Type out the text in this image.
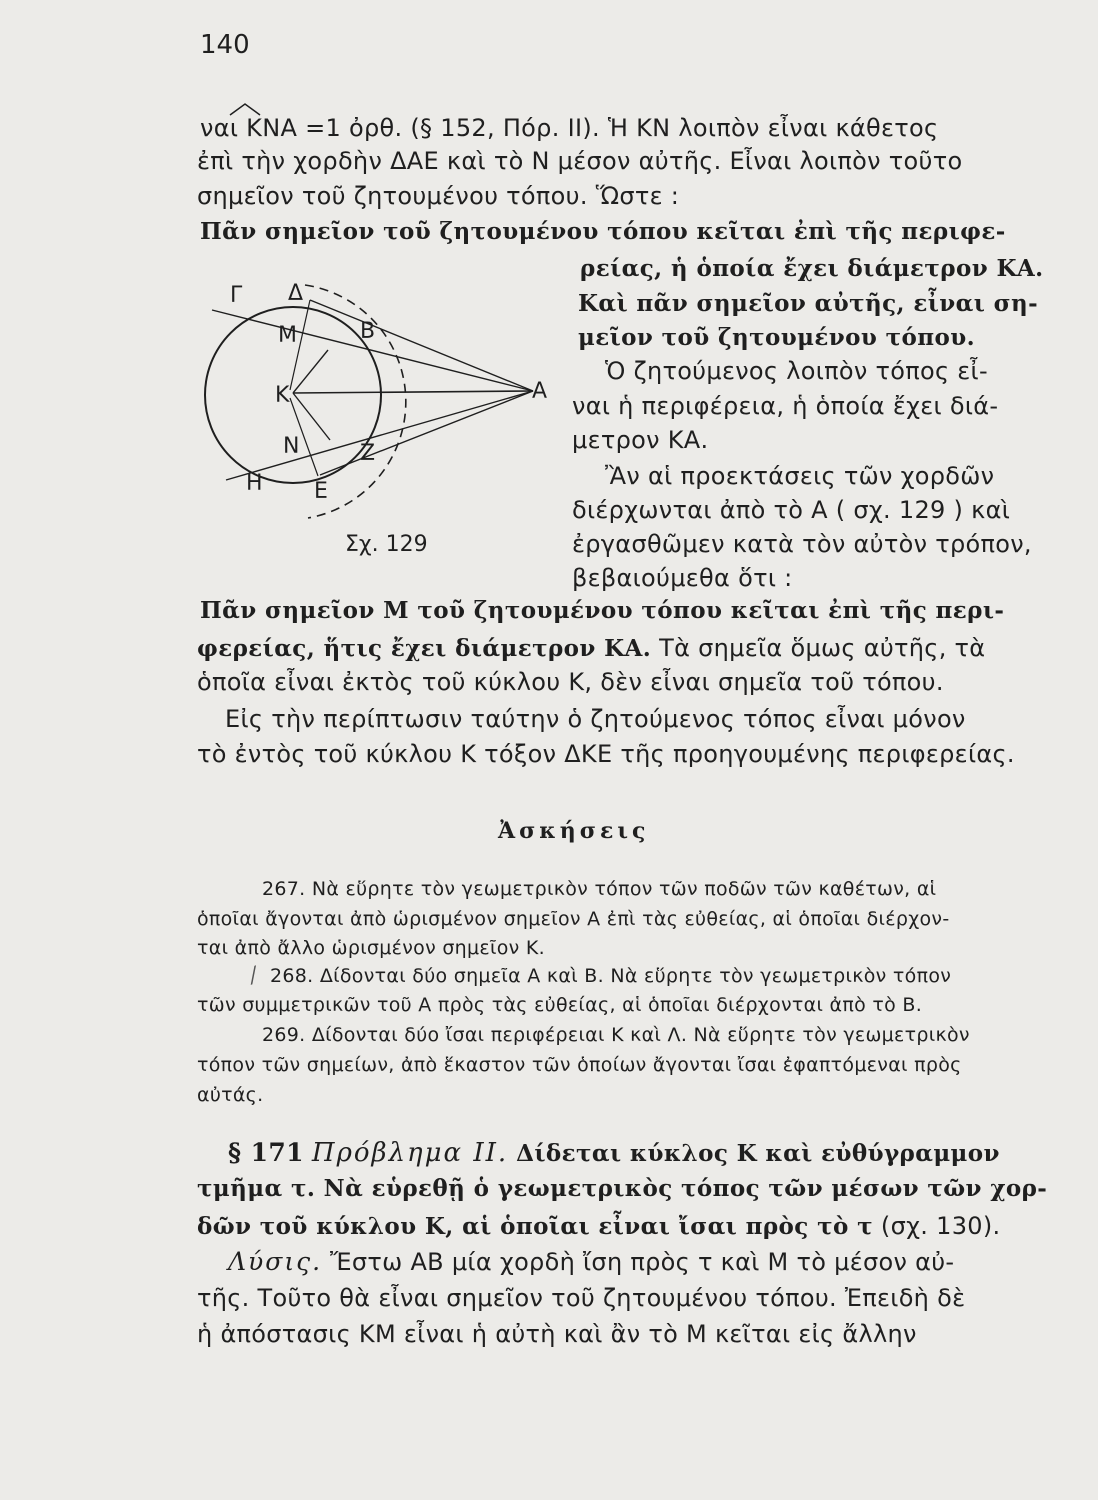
140
ναι ΚΝΑ =1 ὀρθ. (§ 152, Πόρ. ΙΙ). Ἡ ΚΝ λοιπὸν εἶναι κάθετος
ἐπὶ τὴν χορδὴν ΔΑΕ καὶ τὸ Ν μέσον αὐτῆς. Εἶναι λοιπὸν τοῦτο
σημεῖον τοῦ ζητουμένου τόπου. Ὥστε :
Πᾶν σημεῖον τοῦ ζητουμένου τόπου κεῖται ἐπὶ τῆς περιφε-
ρείας, ἡ ὁποία ἔχει διάμετρον ΚΑ.
Καὶ πᾶν σημεῖον αὐτῆς, εἶναι ση-
μεῖον τοῦ ζητουμένου τόπου.
Ὁ ζητούμενος λοιπὸν τόπος εἶ-
ναι ἡ περιφέρεια, ἡ ὁποία ἔχει διά-
μετρον ΚΑ.
Ἂν αἱ προεκτάσεις τῶν χορδῶν
διέρχωνται ἀπὸ τὸ Α ( σχ. 129 ) καὶ
ἐργασθῶμεν κατὰ τὸν αὐτὸν τρόπον,
βεβαιούμεθα ὅτι :
Γ Δ
Μ	Β
Κ	Α
Ν	Ζ
Η Ε
Σχ. 129
Πᾶν σημεῖον Μ τοῦ ζητουμένου τόπου κεῖται ἐπὶ τῆς περι-
φερείας, ἥτις ἔχει διάμετρον ΚΑ. Τὰ σημεῖα ὅμως αὐτῆς, τὰ
ὁποῖα εἶναι ἐκτὸς τοῦ κύκλου Κ, δὲν εἶναι σημεῖα τοῦ τόπου.
Εἰς τὴν περίπτωσιν ταύτην ὁ ζητούμενος τόπος εἶναι μόνον
τὸ ἐντὸς τοῦ κύκλου Κ τόξον ΔΚΕ τῆς προηγουμένης περιφερείας.
Ἀσκήσεις
267. Νὰ εὕρητε τὸν γεωμετρικὸν τόπον τῶν ποδῶν τῶν καθέτων, αἱ
ὁποῖαι ἄγονται ἀπὸ ὡρισμένον σημεῖον Α ἐπὶ τὰς εὐθείας, αἱ ὁποῖαι διέρχον-
ται ἀπὸ ἄλλο ὡρισμένον σημεῖον Κ.
⁄ 268. Δίδονται δύο σημεῖα Α καὶ Β. Νὰ εὕρητε τὸν γεωμετρικὸν τόπον
τῶν συμμετρικῶν τοῦ Α πρὸς τὰς εὐθείας, αἱ ὁποῖαι διέρχονται ἀπὸ τὸ Β.
269. Δίδονται δύο ἴσαι περιφέρειαι Κ καὶ Λ. Νὰ εὕρητε τὸν γεωμετρικὸν
τόπον τῶν σημείων, ἀπὸ ἕκαστον τῶν ὁποίων ἄγονται ἴσαι ἐφαπτόμεναι πρὸς
αὐτάς.
§ 171 Πρόβλημα ΙΙ. Δίδεται κύκλος Κ καὶ εὐθύγραμμον
τμῆμα τ. Νὰ εὑρεθῇ ὁ γεωμετρικὸς τόπος τῶν μέσων τῶν χορ-
δῶν τοῦ κύκλου Κ, αἱ ὁποῖαι εἶναι ἴσαι πρὸς τὸ τ (σχ. 130).
Λύσις. Ἔστω ΑΒ μία χορδὴ ἴση πρὸς τ καὶ Μ τὸ μέσον αὐ-
τῆς. Τοῦτο θὰ εἶναι σημεῖον τοῦ ζητουμένου τόπου. Ἐπειδὴ δὲ
ἡ ἀπόστασις ΚΜ εἶναι ἡ αὐτὴ καὶ ἂν τὸ Μ κεῖται εἰς ἄλλην
